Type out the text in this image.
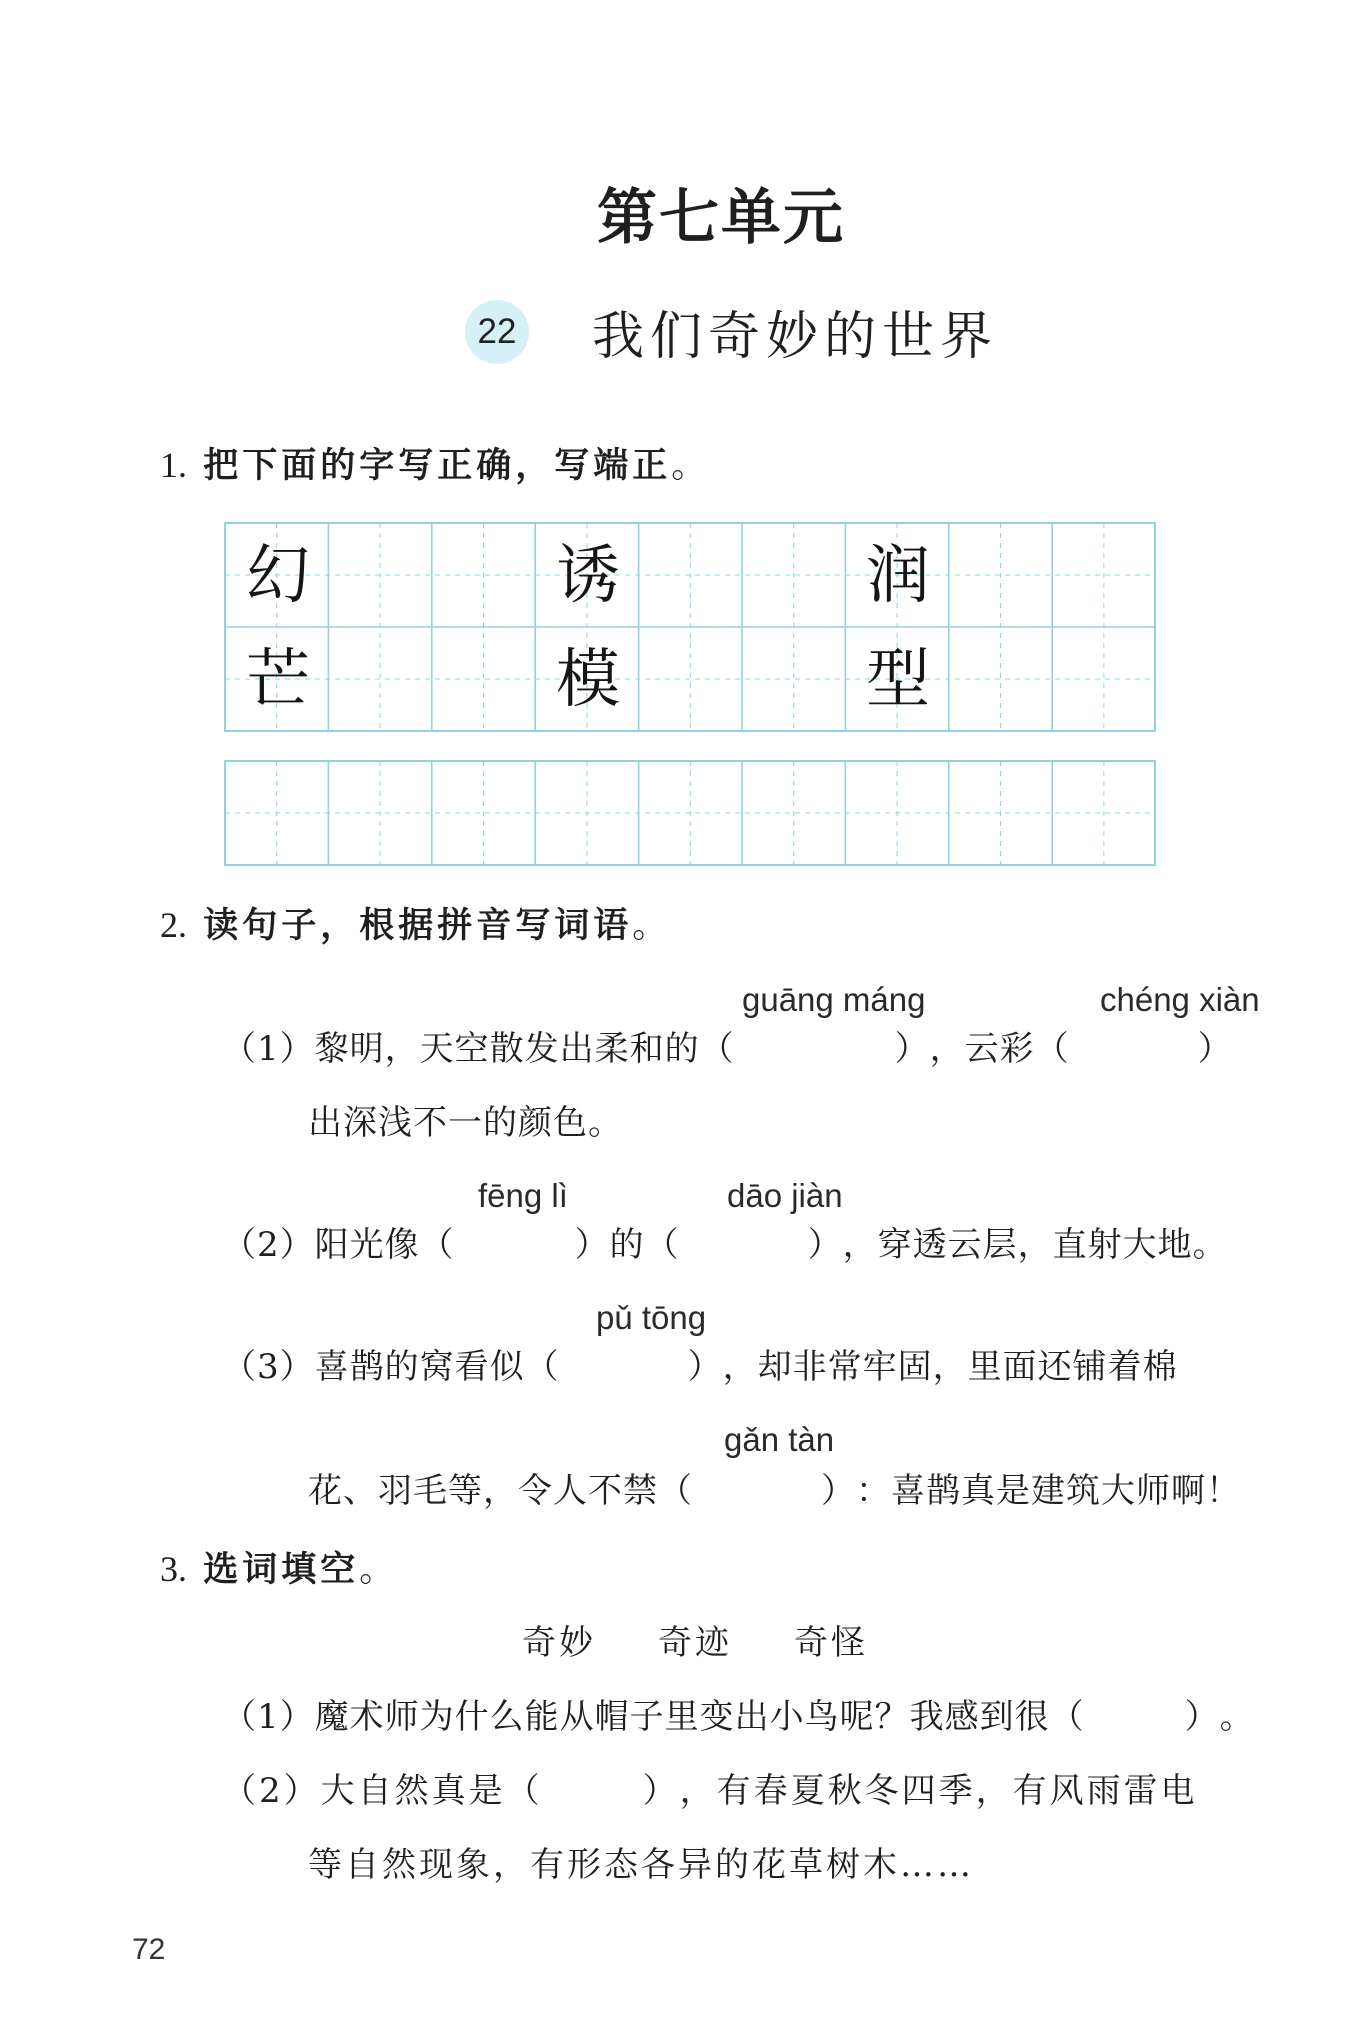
第七单元
22 我们奇妙的世界
1. 把下面的字写正确，写端正。
幻	诱	润
芒	模	型
2. 读句子，根据拼音写词语。
guāng máng	chéng xiàn
（1）黎明，天空散发出柔和的（	），云彩（	）
出深浅不一的颜色。
fēng lì	dāo jiàn
（2）阳光像（	）的（	），穿透云层，直射大地。
pǔ tōng
（3）喜鹊的窝看似（	），却非常牢固，里面还铺着棉
gǎn tàn
花、羽毛等，令人不禁（	）：喜鹊真是建筑大师啊！
3. 选词填空。
奇妙 奇迹 奇怪
（1）魔术师为什么能从帽子里变出小鸟呢？我感到很（	）。
（2）大自然真是（	），有春夏秋冬四季，有风雨雷电
等自然现象，有形态各异的花草树木……
72
